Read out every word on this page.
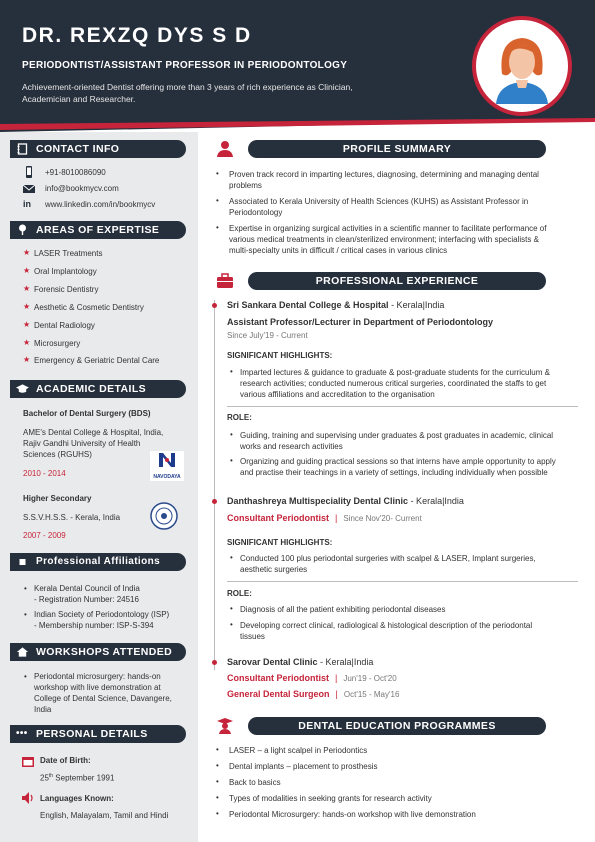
DR. REXZQ DYS S D
PERIODONTIST/ASSISTANT PROFESSOR IN PERIODONTOLOGY
Achievement-oriented Dentist offering more than 3 years of rich experience as Clinician, Academician and Researcher.
CONTACT INFO
+91-8010086090
info@bookmycv.com
in www.linkedin.com/in/bookmycv
AREAS OF EXPERTISE
★ LASER Treatments
★ Oral Implantology
★ Forensic Dentistry
★ Aesthetic & Cosmetic Dentistry
★ Dental Radiology
★ Microsurgery
★ Emergency & Geriatric Dental Care
ACADEMIC DETAILS
Bachelor of Dental Surgery (BDS)
AME's Dental College & Hospital, India,
Rajiv Gandhi University of Health
Sciences (RGUHS)
2010 - 2014	NAVODAYA
Higher Secondary
S.S.V.H.S.S. - Kerala, India
2007 - 2009
Professional Affiliations
• Kerala Dental Council of India
- Registration Number: 24516
• Indian Society of Periodontology (ISP)
- Membership number: ISP-S-394
WORKSHOPS ATTENDED
• Periodontal microsurgery: hands-on
workshop with live demonstration at
College of Dental Science, Davangere,
India
••• PERSONAL DETAILS
Date of Birth:
25th September 1991
Languages Known:
English, Malayalam, Tamil and Hindi
PROFILE SUMMARY
• Proven track record in imparting lectures, diagnosing, determining and managing dental
problems
• Associated to Kerala University of Health Sciences (KUHS) as Assistant Professor in
Periodontology
• Expertise in organizing surgical activities in a scientific manner to facilitate performance of
various medical treatments in clean/sterilized environment; interfacing with specialists &
multi-specialty units in difficult / critical cases in various clinics
PROFESSIONAL EXPERIENCE
Sri Sankara Dental College & Hospital - Kerala|India
Assistant Professor/Lecturer in Department of Periodontology
Since July'19 - Current
SIGNIFICANT HIGHLIGHTS:
• Imparted lectures & guidance to graduate & post-graduate students for the curriculum &
research activities; conducted numerous critical surgeries, coordinated the staffs to get
various affiliations and accreditation to the organisation
ROLE:
• Guiding, training and supervising under graduates & post graduates in academic, clinical
works and research activities
• Organizing and guiding practical sessions so that interns have ample opportunity to apply
and practise their teachings in a variety of settings, including individually when possible
Danthashreya Multispeciality Dental Clinic - Kerala|India
Consultant Periodontist | Since Nov'20- Current
SIGNIFICANT HIGHLIGHTS:
• Conducted 100 plus periodontal surgeries with scalpel & LASER, Implant surgeries,
aesthetic surgeries
ROLE:
• Diagnosis of all the patient exhibiting periodontal diseases
• Developing correct clinical, radiological & histological description of the periodontal
tissues
Sarovar Dental Clinic - Kerala|India
Consultant Periodontist | Jun'19 - Oct'20
General Dental Surgeon | Oct'15 - May'16
DENTAL EDUCATION PROGRAMMES
• LASER – a light scalpel in Periodontics
• Dental implants – placement to prosthesis
• Back to basics
• Types of modalities in seeking grants for research activity
• Periodontal Microsurgery: hands-on workshop with live demonstration
